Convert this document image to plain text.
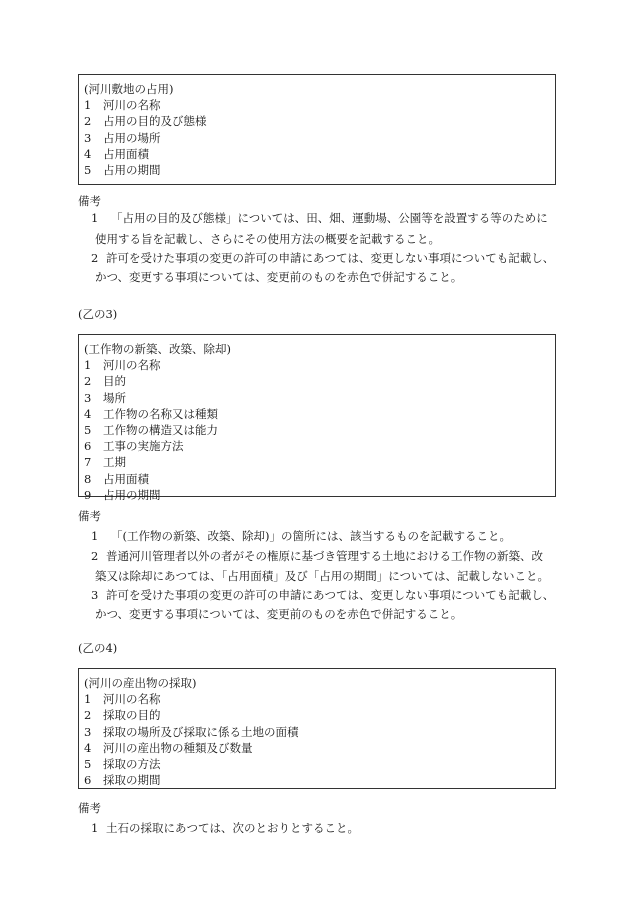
(河川敷地の占用)
1 河川の名称
2 占用の目的及び態様
3 占用の場所
4 占用面積
5 占用の期間
備考
1 「占用の目的及び態様」については、田、畑、運動場、公園等を設置する等のために
使用する旨を記載し、さらにその使用方法の概要を記載すること。
2 許可を受けた事項の変更の許可の申請にあつては、変更しない事項についても記載し、
かつ、変更する事項については、変更前のものを赤色で併記すること。
(乙の3)
(工作物の新築、改築、除却)
1 河川の名称
2 目的
3 場所
4 工作物の名称又は種類
5 工作物の構造又は能力
6 工事の実施方法
7 工期
8 占用面積
9 占用の期間
備考
1 「(工作物の新築、改築、除却)」の箇所には、該当するものを記載すること。
2 普通河川管理者以外の者がその権原に基づき管理する土地における工作物の新築、改
築又は除却にあつては、「占用面積」及び「占用の期間」については、記載しないこと。
3 許可を受けた事項の変更の許可の申請にあつては、変更しない事項についても記載し、
かつ、変更する事項については、変更前のものを赤色で併記すること。
(乙の4)
(河川の産出物の採取)
1 河川の名称
2 採取の目的
3 採取の場所及び採取に係る土地の面積
4 河川の産出物の種類及び数量
5 採取の方法
6 採取の期間
備考
1 土石の採取にあつては、次のとおりとすること。
